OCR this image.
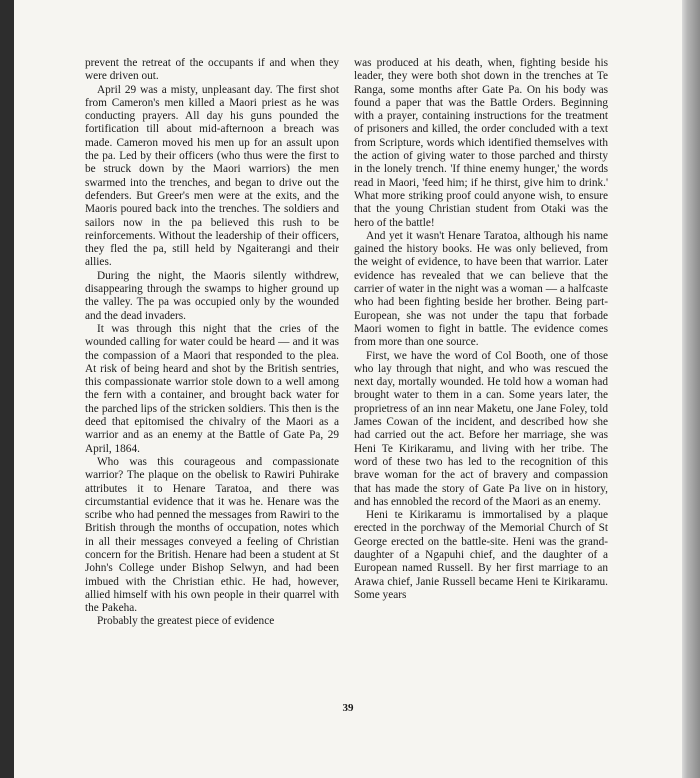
prevent the retreat of the occupants if and when they were driven out.

April 29 was a misty, unpleasant day. The first shot from Cameron's men killed a Maori priest as he was conducting prayers. All day his guns pounded the fortification till about mid-afternoon a breach was made. Cameron moved his men up for an assult upon the pa. Led by their officers (who thus were the first to be struck down by the Maori warriors) the men swarmed into the trenches, and began to drive out the defenders. But Greer's men were at the exits, and the Maoris poured back into the trenches. The soldiers and sailors now in the pa believed this rush to be reinforcements. Without the leadership of their officers, they fled the pa, still held by Ngaiterangi and their allies.

During the night, the Maoris silently withdrew, disappearing through the swamps to higher ground up the valley. The pa was occupied only by the wounded and the dead invaders.

It was through this night that the cries of the wounded calling for water could be heard — and it was the compassion of a Maori that responded to the plea. At risk of being heard and shot by the British sentries, this compassionate warrior stole down to a well among the fern with a container, and brought back water for the parched lips of the stricken soldiers. This then is the deed that epitomised the chivalry of the Maori as a warrior and as an enemy at the Battle of Gate Pa, 29 April, 1864.

Who was this courageous and compassionate warrior? The plaque on the obelisk to Rawiri Puhirake attributes it to Henare Taratoa, and there was circumstantial evidence that it was he. Henare was the scribe who had penned the messages from Rawiri to the British through the months of occupation, notes which in all their messages conveyed a feeling of Christian concern for the British. Henare had been a student at St John's College under Bishop Selwyn, and had been imbued with the Christian ethic. He had, however, allied himself with his own people in their quarrel with the Pakeha.

Probably the greatest piece of evidence

was produced at his death, when, fighting beside his leader, they were both shot down in the trenches at Te Ranga, some months after Gate Pa. On his body was found a paper that was the Battle Orders. Beginning with a prayer, containing instructions for the treatment of prisoners and killed, the order concluded with a text from Scripture, words which identified themselves with the action of giving water to those parched and thirsty in the lonely trench. 'If thine enemy hunger,' the words read in Maori, 'feed him; if he thirst, give him to drink.' What more striking proof could anyone wish, to ensure that the young Christian student from Otaki was the hero of the battle!

And yet it wasn't Henare Taratoa, although his name gained the history books. He was only believed, from the weight of evidence, to have been that warrior. Later evidence has revealed that we can believe that the carrier of water in the night was a woman — a halfcaste who had been fighting beside her brother. Being part-European, she was not under the tapu that forbade Maori women to fight in battle. The evidence comes from more than one source.

First, we have the word of Col Booth, one of those who lay through that night, and who was rescued the next day, mortally wounded. He told how a woman had brought water to them in a can. Some years later, the proprietress of an inn near Maketu, one Jane Foley, told James Cowan of the incident, and described how she had carried out the act. Before her marriage, she was Heni Te Kirikaramu, and living with her tribe. The word of these two has led to the recognition of this brave woman for the act of bravery and compassion that has made the story of Gate Pa live on in history, and has ennobled the record of the Maori as an enemy.

Heni te Kirikaramu is immortalised by a plaque erected in the porchway of the Memorial Church of St George erected on the battle-site. Heni was the grand-daughter of a Ngapuhi chief, and the daughter of a European named Russell. By her first marriage to an Arawa chief, Janie Russell became Heni te Kirikaramu. Some years

39
